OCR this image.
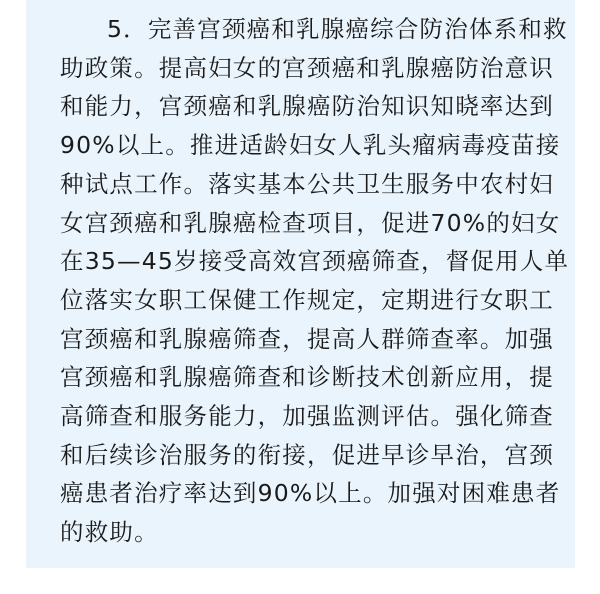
5．完善宫颈癌和乳腺癌综合防治体系和救
助政策。提高妇女的宫颈癌和乳腺癌防治意识
和能力，宫颈癌和乳腺癌防治知识知晓率达到
90%以上。推进适龄妇女人乳头瘤病毒疫苗接
种试点工作。落实基本公共卫生服务中农村妇
女宫颈癌和乳腺癌检查项目，促进70%的妇女
在35—45岁接受高效宫颈癌筛查，督促用人单
位落实女职工保健工作规定，定期进行女职工
宫颈癌和乳腺癌筛查，提高人群筛查率。加强
宫颈癌和乳腺癌筛查和诊断技术创新应用，提
高筛查和服务能力，加强监测评估。强化筛查
和后续诊治服务的衔接，促进早诊早治，宫颈
癌患者治疗率达到90%以上。加强对困难患者
的救助。
